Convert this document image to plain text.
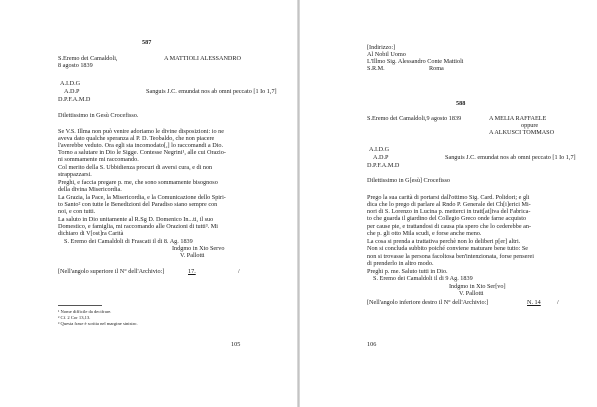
587
S.Eremo dei Camaldoli,	A MATTIOLI ALESSANDRO
8 agosto 1839
A.I.D.G
A.D.P	Sanguis J.C. emundat nos ab omni peccato [1 Io 1,7]
D.P.F.A.M.D
Dilettissimo in Gesù Crocefisso.
Se V.S. Illma non può venire adoriamo le divine disposizioni: io ne
aveva dato qualche speranza al P. D. Teobaldo, che non piacere
l'averebbe veduto. Ora egli sta incomodato[,] lo raccomandi a Dio.
Torno a salutare in Dio le Sigge. Contesse Negrini¹, alle cui Orazio-
ni sommamente mi raccomando.
Col merito della S. Ubbidienza procuri di aversi cura, e di non
strappazzarsi.
Preghi, e faccia pregare p. me, che sono sommamente bisognoso
della divina Misericordia.
La Grazia, la Pace, la Misericordia, e la Comunicazione dello Spiri-
to Santo² con tutte le Benedizioni del Paradiso siano sempre con
noi, e con tutti.
La saluto in Dio unitamente al R.Sg D. Domenico In...ti, il suo
Domestico, e famiglia, mi raccomando alle Orazioni di tutti³. Mi
dichiaro di V[ost]ra Carità
S. Eremo dei Camaldoli di Frascati il di 8. Ag. 1839
Indgmo in Xto Servo
V. Pallotti
[Nell'angolo superiore il N° dell'Archivio:]	17.	/
¹ Nome difficile da decifrare.
² Cf. 2 Cor 13,13.
³ Questa frase è scritta nel margine sinistro.
105
[Indirizzo:]
Al Nobil Uomo
L'Illmo Sig. Alessandro Conte Mattioli
S.R.M.	Roma
588
S.Eremo dei Camaldoli,9 agosto 1839	A MELIA RAFFAELE
oppure
A ALKUSCI TOMMASO
A.I.D.G
A.D.P	Sanguis J.C. emundat nos ab omni peccato [1 Io 1,7]
D.P.F.A.M.D
Dilettissimo in G[esù] Crocefisso
Prego la sua carità di portarsi dall'ottimo Sig. Card. Polidori; e gli
dica che lo prego di parlare al Rndo P. Generale dei Ch[i]erici Mi-
nori di S. Lorenzo in Lucina p. metterci in tratt[at]iva del Fabrica-
to che guarda il giardino del Collegio Greco onde farne acquisto
per cause pie, e trattandosi di causa pia spero che lo cederebbe an-
che p. gli otto Mila scudi, e forse anche meno.
La cosa si prenda a trattativa perchè non lo deliberi p[er] altri.
Non si concluda subbito poiché conviene maturare bene tutto: Se
non si trovasse la persona facoltosa ben'intenzionata, forse penserei
di prenderlo in altro modo.
Preghi p. me. Saluto tutti in Dio.
S. Eremo dei Camaldoli il di 9 Ag. 1839
Indgmo in Xto Ser[vo]
V. Pallotti
[Nell'angolo inferiore destro il N° dell'Archivio:]	N. 14	/
106
